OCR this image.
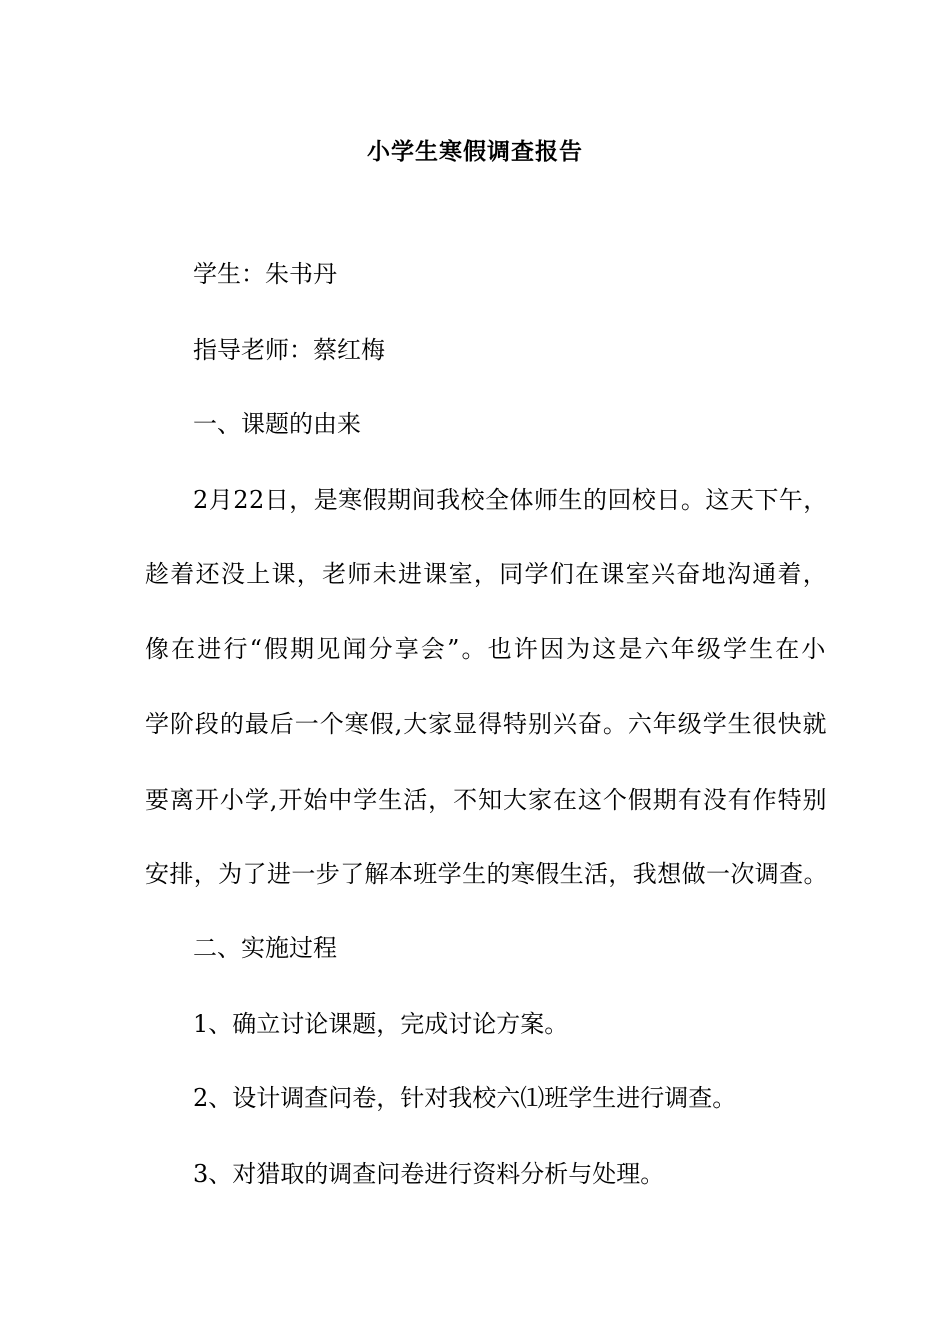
小学生寒假调查报告
学生：朱书丹
指导老师：蔡红梅
一、课题的由来
2月22日，是寒假期间我校全体师生的回校日。这天下午，
趁着还没上课，老师未进课室，同学们在课室兴奋地沟通着，
像在进行“假期见闻分享会”。也许因为这是六年级学生在小
学阶段的最后一个寒假,大家显得特别兴奋。六年级学生很快就
要离开小学,开始中学生活，不知大家在这个假期有没有作特别
安排，为了进一步了解本班学生的寒假生活，我想做一次调查。
二、实施过程
1、确立讨论课题，完成讨论方案。
2、设计调查问卷，针对我校六⑴班学生进行调查。
3、对猎取的调查问卷进行资料分析与处理。
